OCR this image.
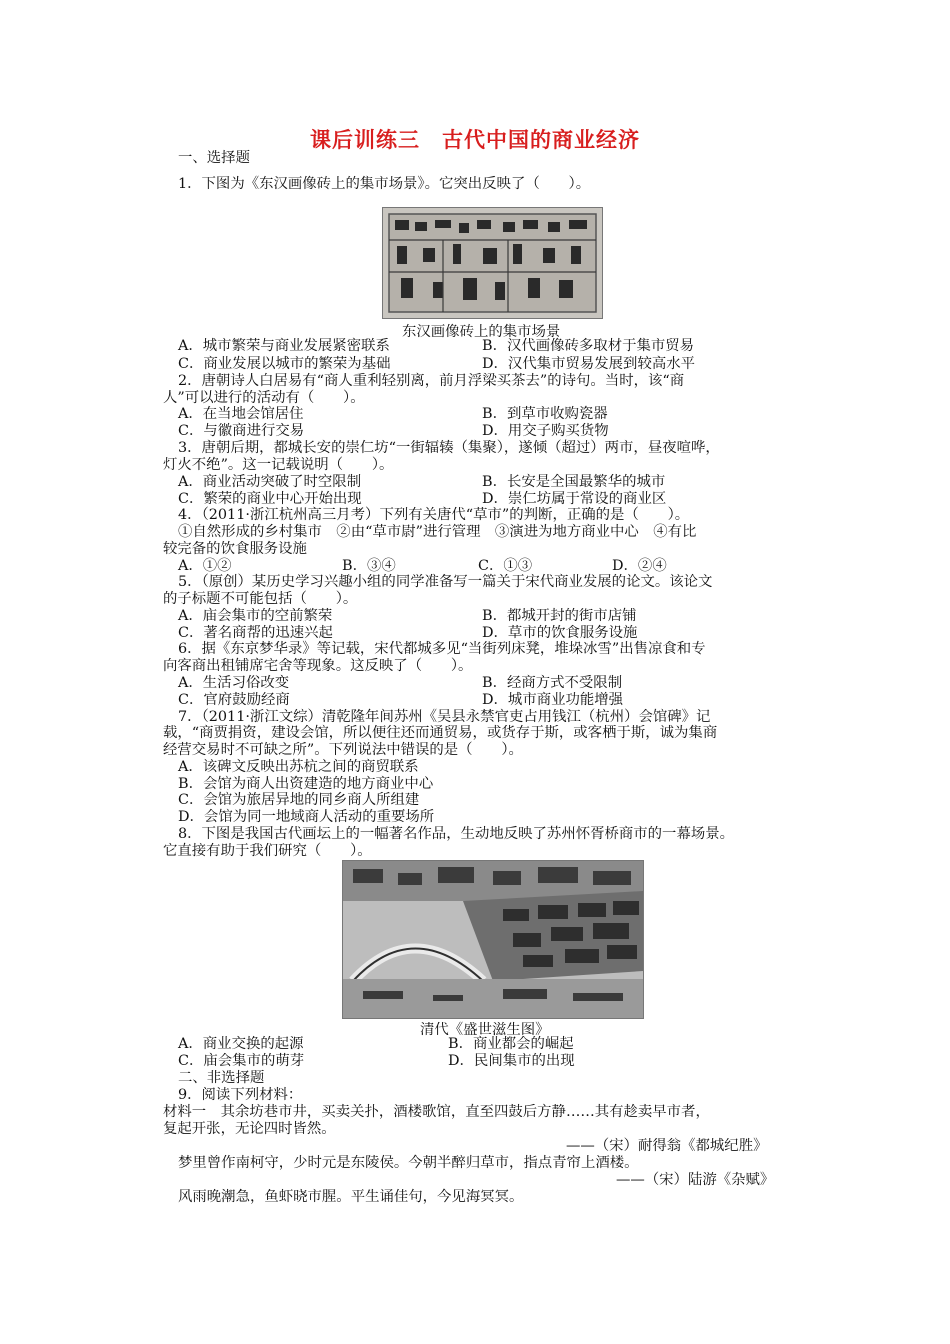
课后训练三　古代中国的商业经济
一、选择题
1．下图为《东汉画像砖上的集市场景》。它突出反映了（　　）。
东汉画像砖上的集市场景
A．城市繁荣与商业发展紧密联系	B．汉代画像砖多取材于集市贸易
C．商业发展以城市的繁荣为基础	D．汉代集市贸易发展到较高水平
2．唐朝诗人白居易有“商人重利轻别离，前月浮梁买茶去”的诗句。当时，该“商
人”可以进行的活动有（　　）。
A．在当地会馆居住	B．到草市收购瓷器
C．与徽商进行交易	D．用交子购买货物
3．唐朝后期，都城长安的崇仁坊“一街辐辏（集聚），遂倾（超过）两市，昼夜喧哗，
灯火不绝”。这一记载说明（　　）。
A．商业活动突破了时空限制	B．长安是全国最繁华的城市
C．繁荣的商业中心开始出现	D．崇仁坊属于常设的商业区
4．（2011·浙江杭州高三月考）下列有关唐代“草市”的判断，正确的是（　　）。
①自然形成的乡村集市　②由“草市尉”进行管理　③演进为地方商业中心　④有比
较完备的饮食服务设施
A．①②	B．③④	C．①③	D．②④
5．（原创）某历史学习兴趣小组的同学准备写一篇关于宋代商业发展的论文。该论文
的子标题不可能包括（　　）。
A．庙会集市的空前繁荣	B．都城开封的街市店铺
C．著名商帮的迅速兴起	D．草市的饮食服务设施
6．据《东京梦华录》等记载，宋代都城多见“当街列床凳，堆垛冰雪”出售凉食和专
向客商出租铺席宅舍等现象。这反映了（　　）。
A．生活习俗改变	B．经商方式不受限制
C．官府鼓励经商	D．城市商业功能增强
7．（2011·浙江文综）清乾隆年间苏州《吴县永禁官吏占用钱江（杭州）会馆碑》记
载，“商贾捐资，建设会馆，所以便往还而通贸易，或货存于斯，或客栖于斯，诚为集商
经营交易时不可缺之所”。下列说法中错误的是（　　）。
A．该碑文反映出苏杭之间的商贸联系
B．会馆为商人出资建造的地方商业中心
C．会馆为旅居异地的同乡商人所组建
D．会馆为同一地域商人活动的重要场所
8．下图是我国古代画坛上的一幅著名作品，生动地反映了苏州怀胥桥商市的一幕场景。
它直接有助于我们研究（　　）。
清代《盛世滋生图》
A．商业交换的起源	B．商业都会的崛起
C．庙会集市的萌芽	D．民间集市的出现
二、非选择题
9．阅读下列材料：
材料一　其余坊巷市井，买卖关扑，酒楼歌馆，直至四鼓后方静……其有趁卖早市者，
复起开张，无论四时皆然。
——（宋）耐得翁《都城纪胜》
梦里曾作南柯守，少时元是东陵侯。今朝半醉归草市，指点青帘上酒楼。
——（宋）陆游《杂赋》
风雨晚潮急，鱼虾晓市腥。平生诵佳句，今见海冥冥。
